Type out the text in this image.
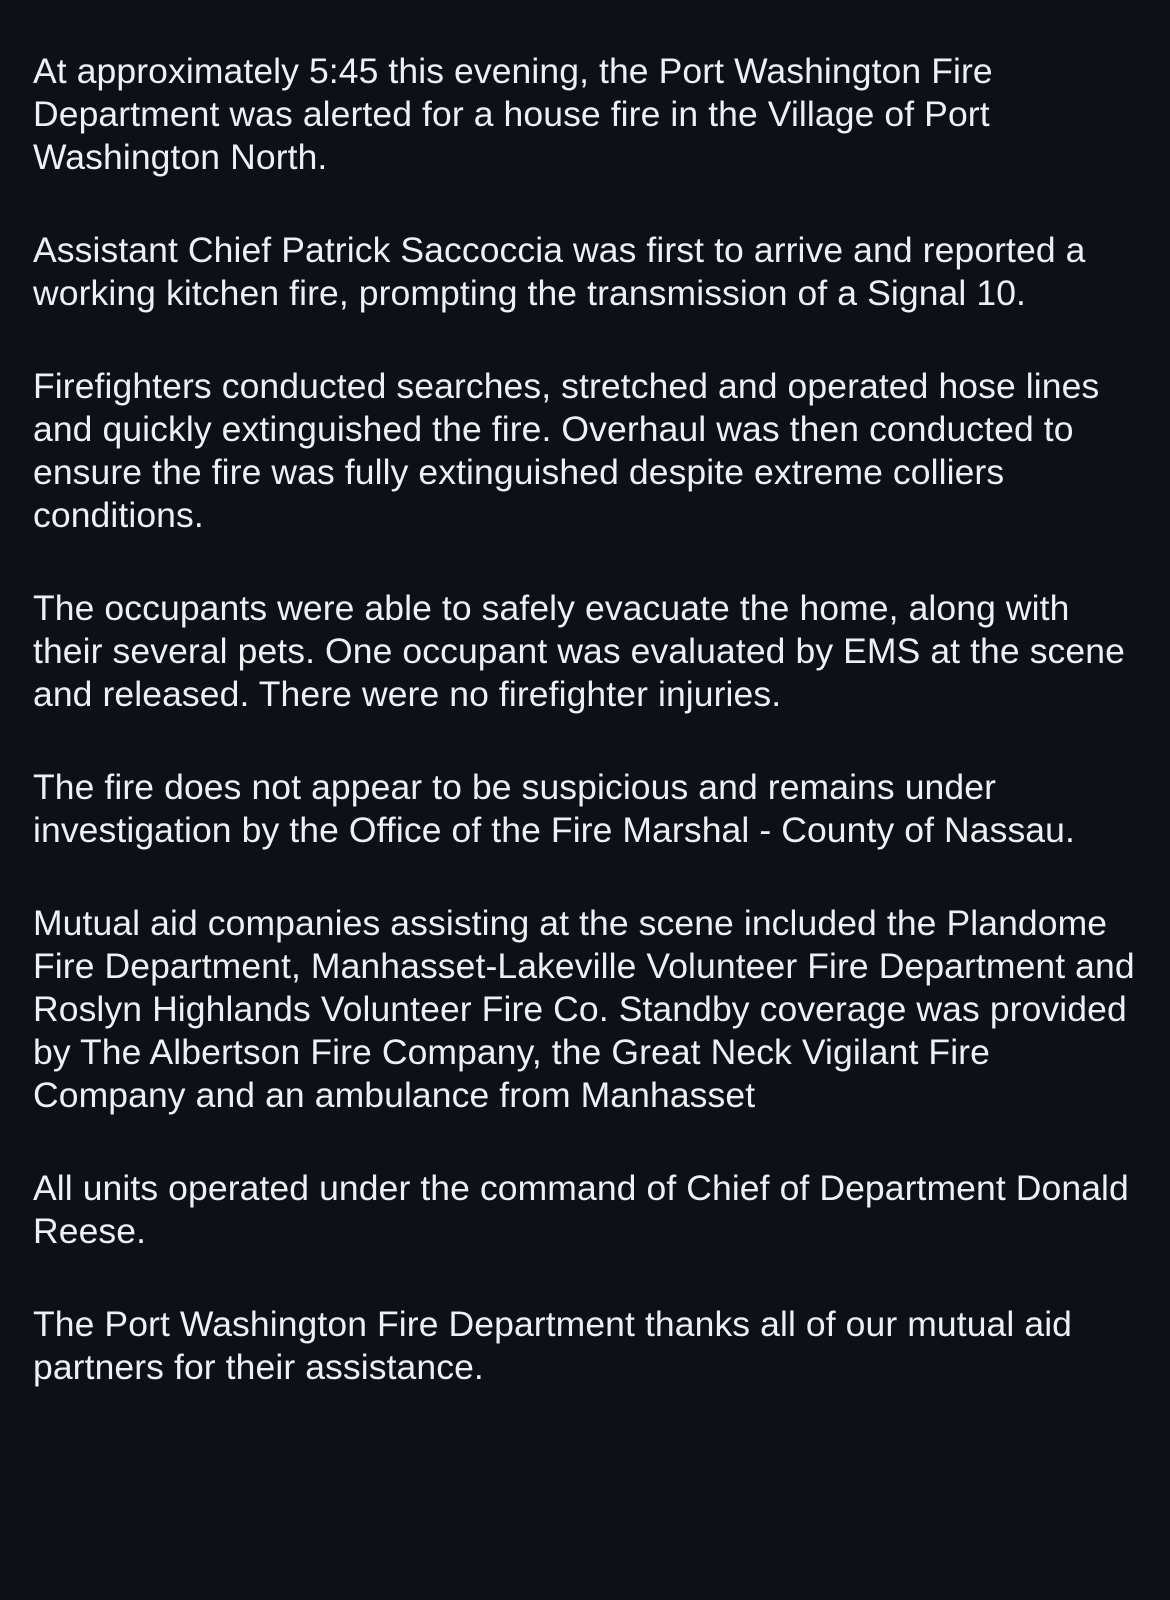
At approximately 5:45 this evening, the Port Washington Fire Department was alerted for a house fire in the Village of Port Washington North.

Assistant Chief Patrick Saccoccia was first to arrive and reported a working kitchen fire, prompting the transmission of a Signal 10.

Firefighters conducted searches, stretched and operated hose lines and quickly extinguished the fire. Overhaul was then conducted to ensure the fire was fully extinguished despite extreme colliers conditions.

The occupants were able to safely evacuate the home, along with their several pets. One occupant was evaluated by EMS at the scene and released. There were no firefighter injuries.

The fire does not appear to be suspicious and remains under investigation by the Office of the Fire Marshal - County of Nassau.

Mutual aid companies assisting at the scene included the Plandome Fire Department, Manhasset-Lakeville Volunteer Fire Department and Roslyn Highlands Volunteer Fire Co. Standby coverage was provided by The Albertson Fire Company, the Great Neck Vigilant Fire Company and an ambulance from Manhasset

All units operated under the command of Chief of Department Donald Reese.

The Port Washington Fire Department thanks all of our mutual aid partners for their assistance.
